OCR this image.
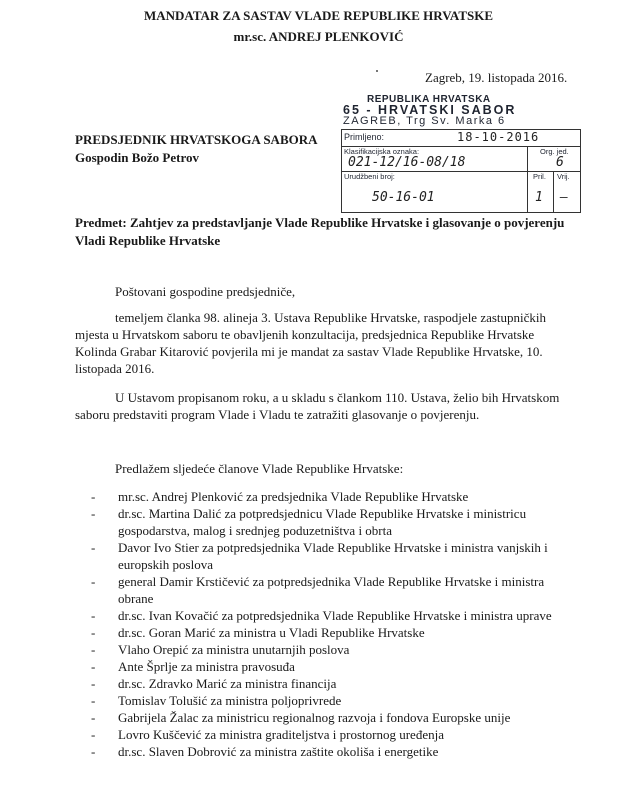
MANDATAR ZA SASTAV VLADE REPUBLIKE HRVATSKE
mr.sc. ANDREJ PLENKOVIĆ
Zagreb, 19. listopada 2016.
REPUBLIKA HRVATSKA
65 - HRVATSKI SABOR
ZAGREB, Trg Sv. Marka 6
Primljeno:	18-10-2016
Klasifikacijska oznaka:
021-12/16-08/18
Org. jed.
6
Urudžbeni broj:
50-16-01
Pril.
1
Vrij.
—
PREDSJEDNIK HRVATSKOGA SABORA
Gospodin Božo Petrov
Predmet: Zahtjev za predstavljanje Vlade Republike Hrvatske i glasovanje o povjerenju
Vladi Republike Hrvatske
Poštovani gospodine predsjedniče,
temeljem članka 98. alineja 3. Ustava Republike Hrvatske, raspodjele zastupničkih
mjesta u Hrvatskom saboru te obavljenih konzultacija, predsjednica Republike Hrvatske
Kolinda Grabar Kitarović povjerila mi je mandat za sastav Vlade Republike Hrvatske, 10.
listopada 2016.
U Ustavom propisanom roku, a u skladu s člankom 110. Ustava, želio bih Hrvatskom
saboru predstaviti program Vlade i Vladu te zatražiti glasovanje o povjerenju.
Predlažem sljedeće članove Vlade Republike Hrvatske:
- mr.sc. Andrej Plenković za predsjednika Vlade Republike Hrvatske
- dr.sc. Martina Dalić za potpredsjednicu Vlade Republike Hrvatske i ministricu
gospodarstva, malog i srednjeg poduzetništva i obrta
- Davor Ivo Stier za potpredsjednika Vlade Republike Hrvatske i ministra vanjskih i
europskih poslova
- general Damir Krstičević za potpredsjednika Vlade Republike Hrvatske i ministra
obrane
- dr.sc. Ivan Kovačić za potpredsjednika Vlade Republike Hrvatske i ministra uprave
- dr.sc. Goran Marić za ministra u Vladi Republike Hrvatske
- Vlaho Orepić za ministra unutarnjih poslova
- Ante Šprlje za ministra pravosuđa
- dr.sc. Zdravko Marić za ministra financija
- Tomislav Tolušić za ministra poljoprivrede
- Gabrijela Žalac za ministricu regionalnog razvoja i fondova Europske unije
- Lovro Kuščević za ministra graditeljstva i prostornog uređenja
- dr.sc. Slaven Dobrović za ministra zaštite okoliša i energetike
